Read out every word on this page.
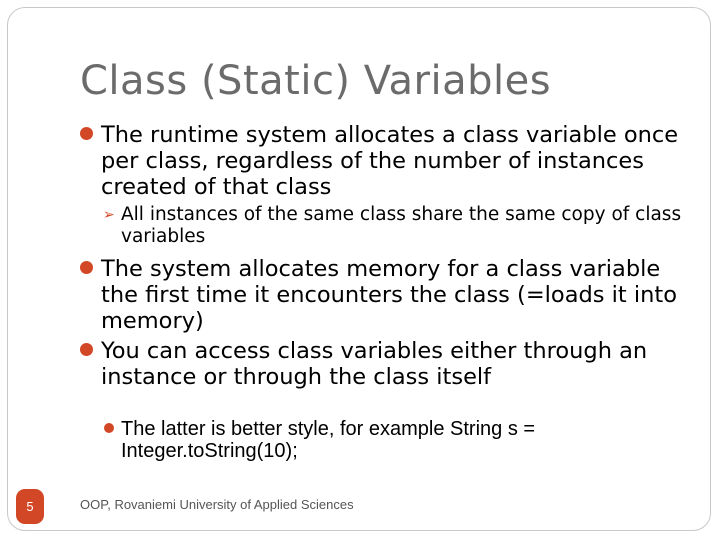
Class (Static) Variables
The runtime system allocates a class variable once per class, regardless of the number of instances created of that class
➢ All instances of the same class share the same copy of class variables
The system allocates memory for a class variable the first time it encounters the class (=loads it into memory)
You can access class variables either through an instance or through the class itself
The latter is better style, for example String s = Integer.toString(10);
5	OOP, Rovaniemi University of Applied Sciences
